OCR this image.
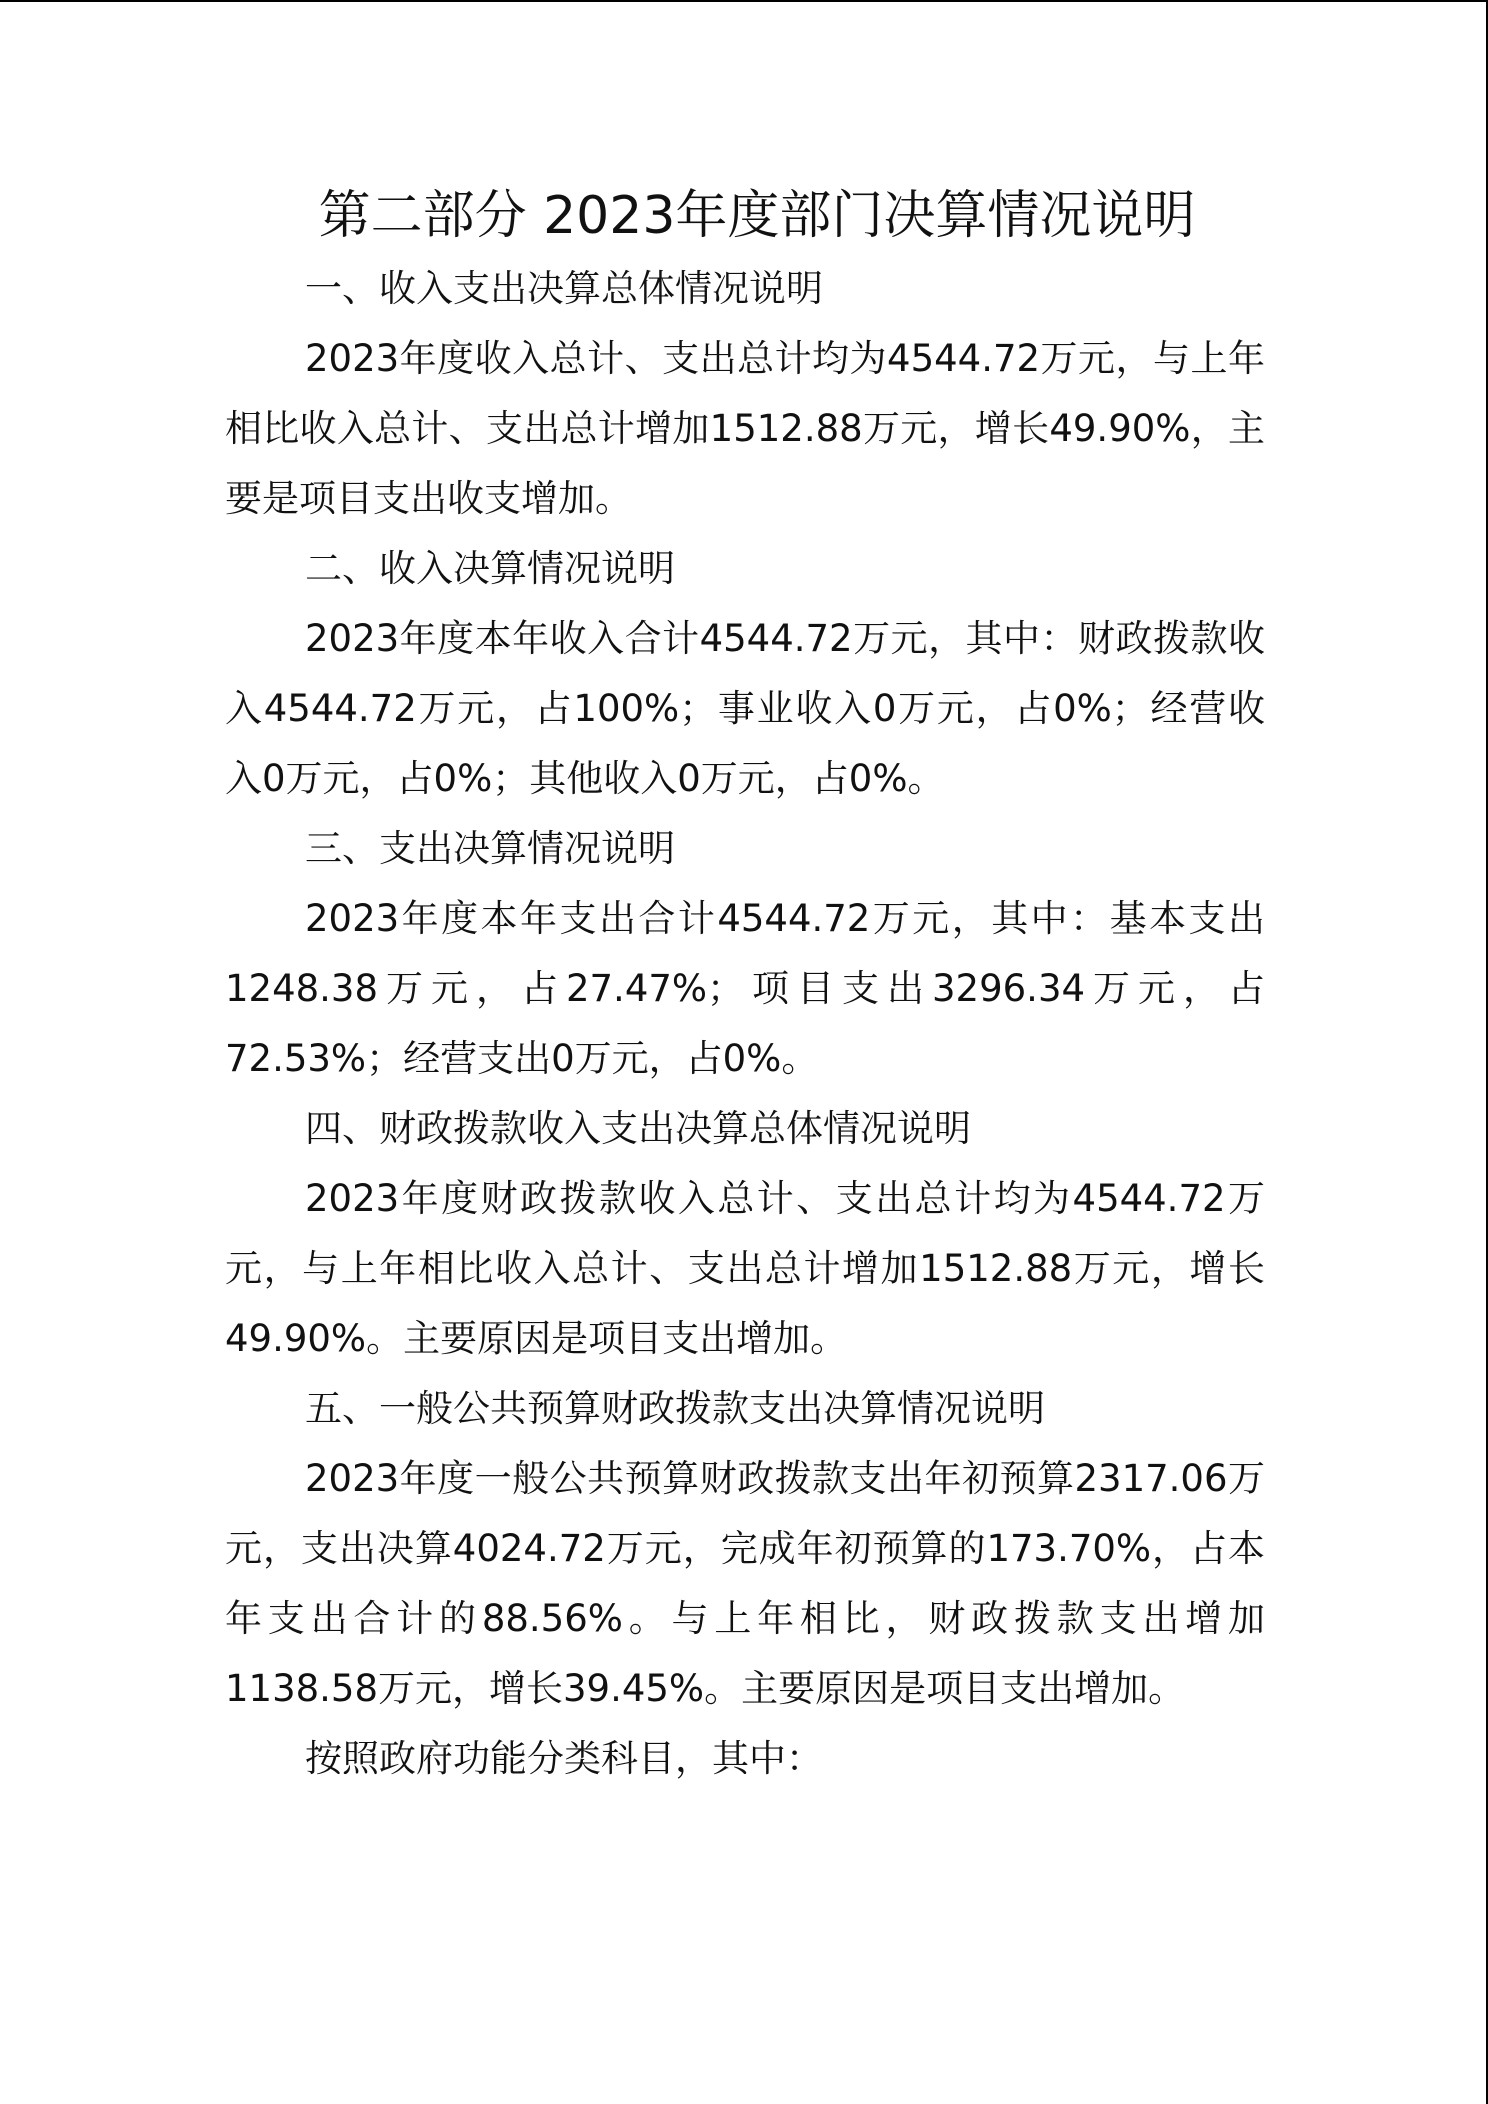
第二部分 2023年度部门决算情况说明
一、收入支出决算总体情况说明

2023年度收入总计、支出总计均为4544.72万元，与上年相比收入总计、支出总计增加1512.88万元，增长49.90%，主要是项目支出收支增加。

二、收入决算情况说明

2023年度本年收入合计4544.72万元，其中：财政拨款收入4544.72万元，占100%；事业收入0万元，占0%；经营收入0万元，占0%；其他收入0万元，占0%。

三、支出决算情况说明

2023年度本年支出合计4544.72万元，其中：基本支出1248.38万元，占27.47%；项目支出3296.34万元，占72.53%；经营支出0万元，占0%。

四、财政拨款收入支出决算总体情况说明

2023年度财政拨款收入总计、支出总计均为4544.72万元，与上年相比收入总计、支出总计增加1512.88万元，增长49.90%。主要原因是项目支出增加。

五、一般公共预算财政拨款支出决算情况说明

2023年度一般公共预算财政拨款支出年初预算2317.06万元，支出决算4024.72万元，完成年初预算的173.70%，占本年支出合计的88.56%。与上年相比，财政拨款支出增加1138.58万元，增长39.45%。主要原因是项目支出增加。

按照政府功能分类科目，其中：
